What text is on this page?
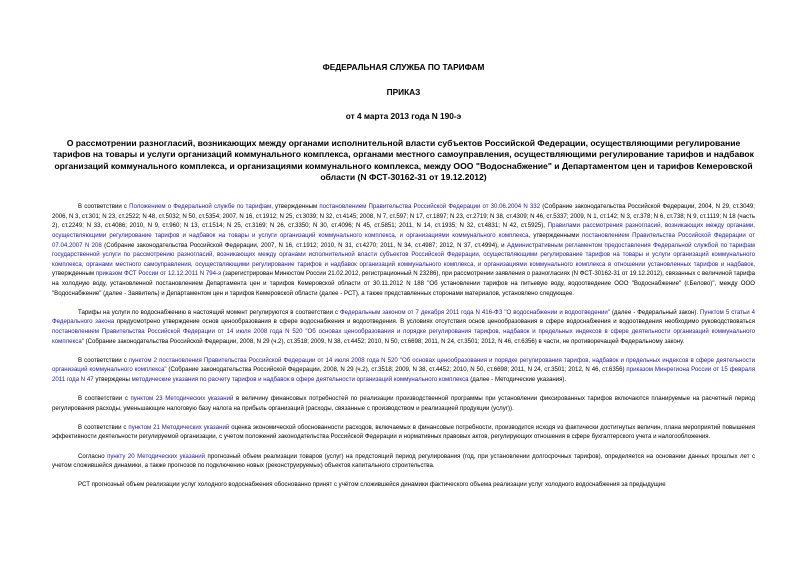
ФЕДЕРАЛЬНАЯ СЛУЖБА ПО ТАРИФАМ
ПРИКАЗ
от 4 марта 2013 года N 190-э
О рассмотрении разногласий, возникающих между органами исполнительной власти субъектов Российской Федерации, осуществляющими регулирование тарифов на товары и услуги организаций коммунального комплекса, органами местного самоуправления, осуществляющими регулирование тарифов и надбавок организаций коммунального комплекса, и организациями коммунального комплекса, между ООО "Водоснабжение" и Департаментом цен и тарифов Кемеровской области (N ФСТ-30162-31 от 19.12.2012)

В соответствии с Положением о Федеральной службе по тарифам, утвержденным постановлением Правительства Российской Федерации от 30.06.2004 N 332 (Собрание законодательства Российской Федерации, 2004, N 29, ст.3049; 2006, N 3, ст.301; N 23, ст.2522; N 48, ст.5032; N 50, ст.5354; 2007, N 16, ст.1912; N 25, ст.3039; N 32, ст.4145; 2008, N 7, ст.597; N 17, ст.1897; N 23, ст.2719; N 38, ст.4309; N 46, ст.5337; 2009, N 1, ст.142; N 3, ст.378; N 6, ст.738; N 9, ст.1119; N 18 (часть 2), ст.2249; N 33, ст.4086; 2010, N 9, ст.960; N 13, ст.1514; N 25, ст.3169; N 26, ст.3350; N 30, ст.4096; N 45, ст.5851; 2011, N 14, ст.1935; N 32, ст.4831; N 42, ст.5925), Правилами рассмотрения разногласий, возникающих между органами, осуществляющими регулирование тарифов и надбавок на товары и услуги организаций коммунального комплекса, и организациями коммунального комплекса, утвержденными постановлением Правительства Российской Федерации от 07.04.2007 N 208 (Собрание законодательства Российской Федерации, 2007, N 16, ст.1912; 2010, N 31, ст.4270; 2011, N 34, ст.4987; 2012, N 37, ст.4994), и Административным регламентом предоставления Федеральной службой по тарифам государственной услуги по рассмотрению разногласий, возникающих между органами исполнительной власти субъектов Российской Федерации, осуществляющими регулирование тарифов на товары и услуги организаций коммунального комплекса, органами местного самоуправления, осуществляющими регулирование тарифов и надбавок организаций коммунального комплекса, и организациями коммунального комплекса в отношении установленных тарифов и надбавок, утвержденным приказом ФСТ России от 12.12.2011 N 794-э (зарегистрирован Минюстом России 21.02.2012, регистрационный N 23286), при рассмотрении заявления о разногласиях (N ФСТ-30162-31 от 19.12.2012), связанных с величиной тарифа на холодную воду, установленной постановлением Департамента цен и тарифов Кемеровской области от 30.11.2012 N 188 "Об установлении тарифов на питьевую воду, водоотведение ООО "Водоснабжение" (г.Белово)", между ООО "Водоснабжение" (далее - Заявитель) и Департаментом цен и тарифов Кемеровской области (далее - РСТ), а также представленных сторонами материалов, установлено следующее.

Тарифы на услуги по водоснабжению в настоящий момент регулируются в соответствии с Федеральным законом от 7 декабря 2011 года N 416-ФЗ "О водоснабжении и водоотведении" (далее - Федеральный закон). Пунктом 5 статьи 4 Федерального закона предусмотрено утверждение основ ценообразования в сфере водоснабжения и водоотведения. В условиях отсутствия основ ценообразования в сфере водоснабжения и водоотведения необходимо руководствоваться постановлением Правительства Российской Федерации от 14 июля 2008 года N 520 "Об основах ценообразования и порядке регулирования тарифов, надбавок и предельных индексов в сфере деятельности организаций коммунального комплекса" (Собрание законодательства Российской Федерации, 2008, N 29 (ч.2), ст.3518; 2009, N 38, ст.4452; 2010, N 50, ст.6698; 2011, N 24, ст.3501; 2012, N 46, ст.6356) в части, не противоречащей Федеральному закону.

В соответствии с пунктом 2 постановления Правительства Российской Федерации от 14 июля 2008 года N 520 "Об основах ценообразования и порядке регулирования тарифов, надбавок и предельных индексов в сфере деятельности организаций коммунального комплекса" (Собрание законодательства Российской Федерации, 2008, N 29 (ч.2), ст.3518; 2009, N 38, ст.4452; 2010, N 50, ст.6698; 2011, N 24, ст.3501; 2012, N 46, ст.6356) приказом Минрегиона России от 15 февраля 2011 года N 47 утверждены методические указания по расчету тарифов и надбавок в сфере деятельности организаций коммунального комплекса (далее - Методические указания).

В соответствии с пунктом 23 Методических указаний в величину финансовых потребностей по реализации производственной программы при установлении фиксированных тарифов включаются планируемые на расчетный период регулирования расходы, уменьшающие налоговую базу налога на прибыль организаций (расходы, связанные с производством и реализацией продукции (услуг)).

В соответствии с пунктом 21 Методических указаний оценка экономической обоснованности расходов, включаемых в финансовые потребности, производится исходя из фактически достигнутых величин, плана мероприятий повышения эффективности деятельности регулируемой организации, с учетом положений законодательства Российской Федерации и нормативных правовых актов, регулирующих отношения в сфере бухгалтерского учета и налогообложения.

Согласно пункту 20 Методических указаний прогнозный объем реализации товаров (услуг) на предстоящий период регулирования (год, при установлении долгосрочных тарифов), определяется на основании данных прошлых лет с учетом сложившейся динамики, а также прогнозов по подключению новых (реконструируемых) объектов капитального строительства.

РСТ прогнозный объем реализации услуг холодного водоснабжения обоснованно принят с учётом сложившейся динамики фактического объема реализации услуг холодного водоснабжения за предыдущие
